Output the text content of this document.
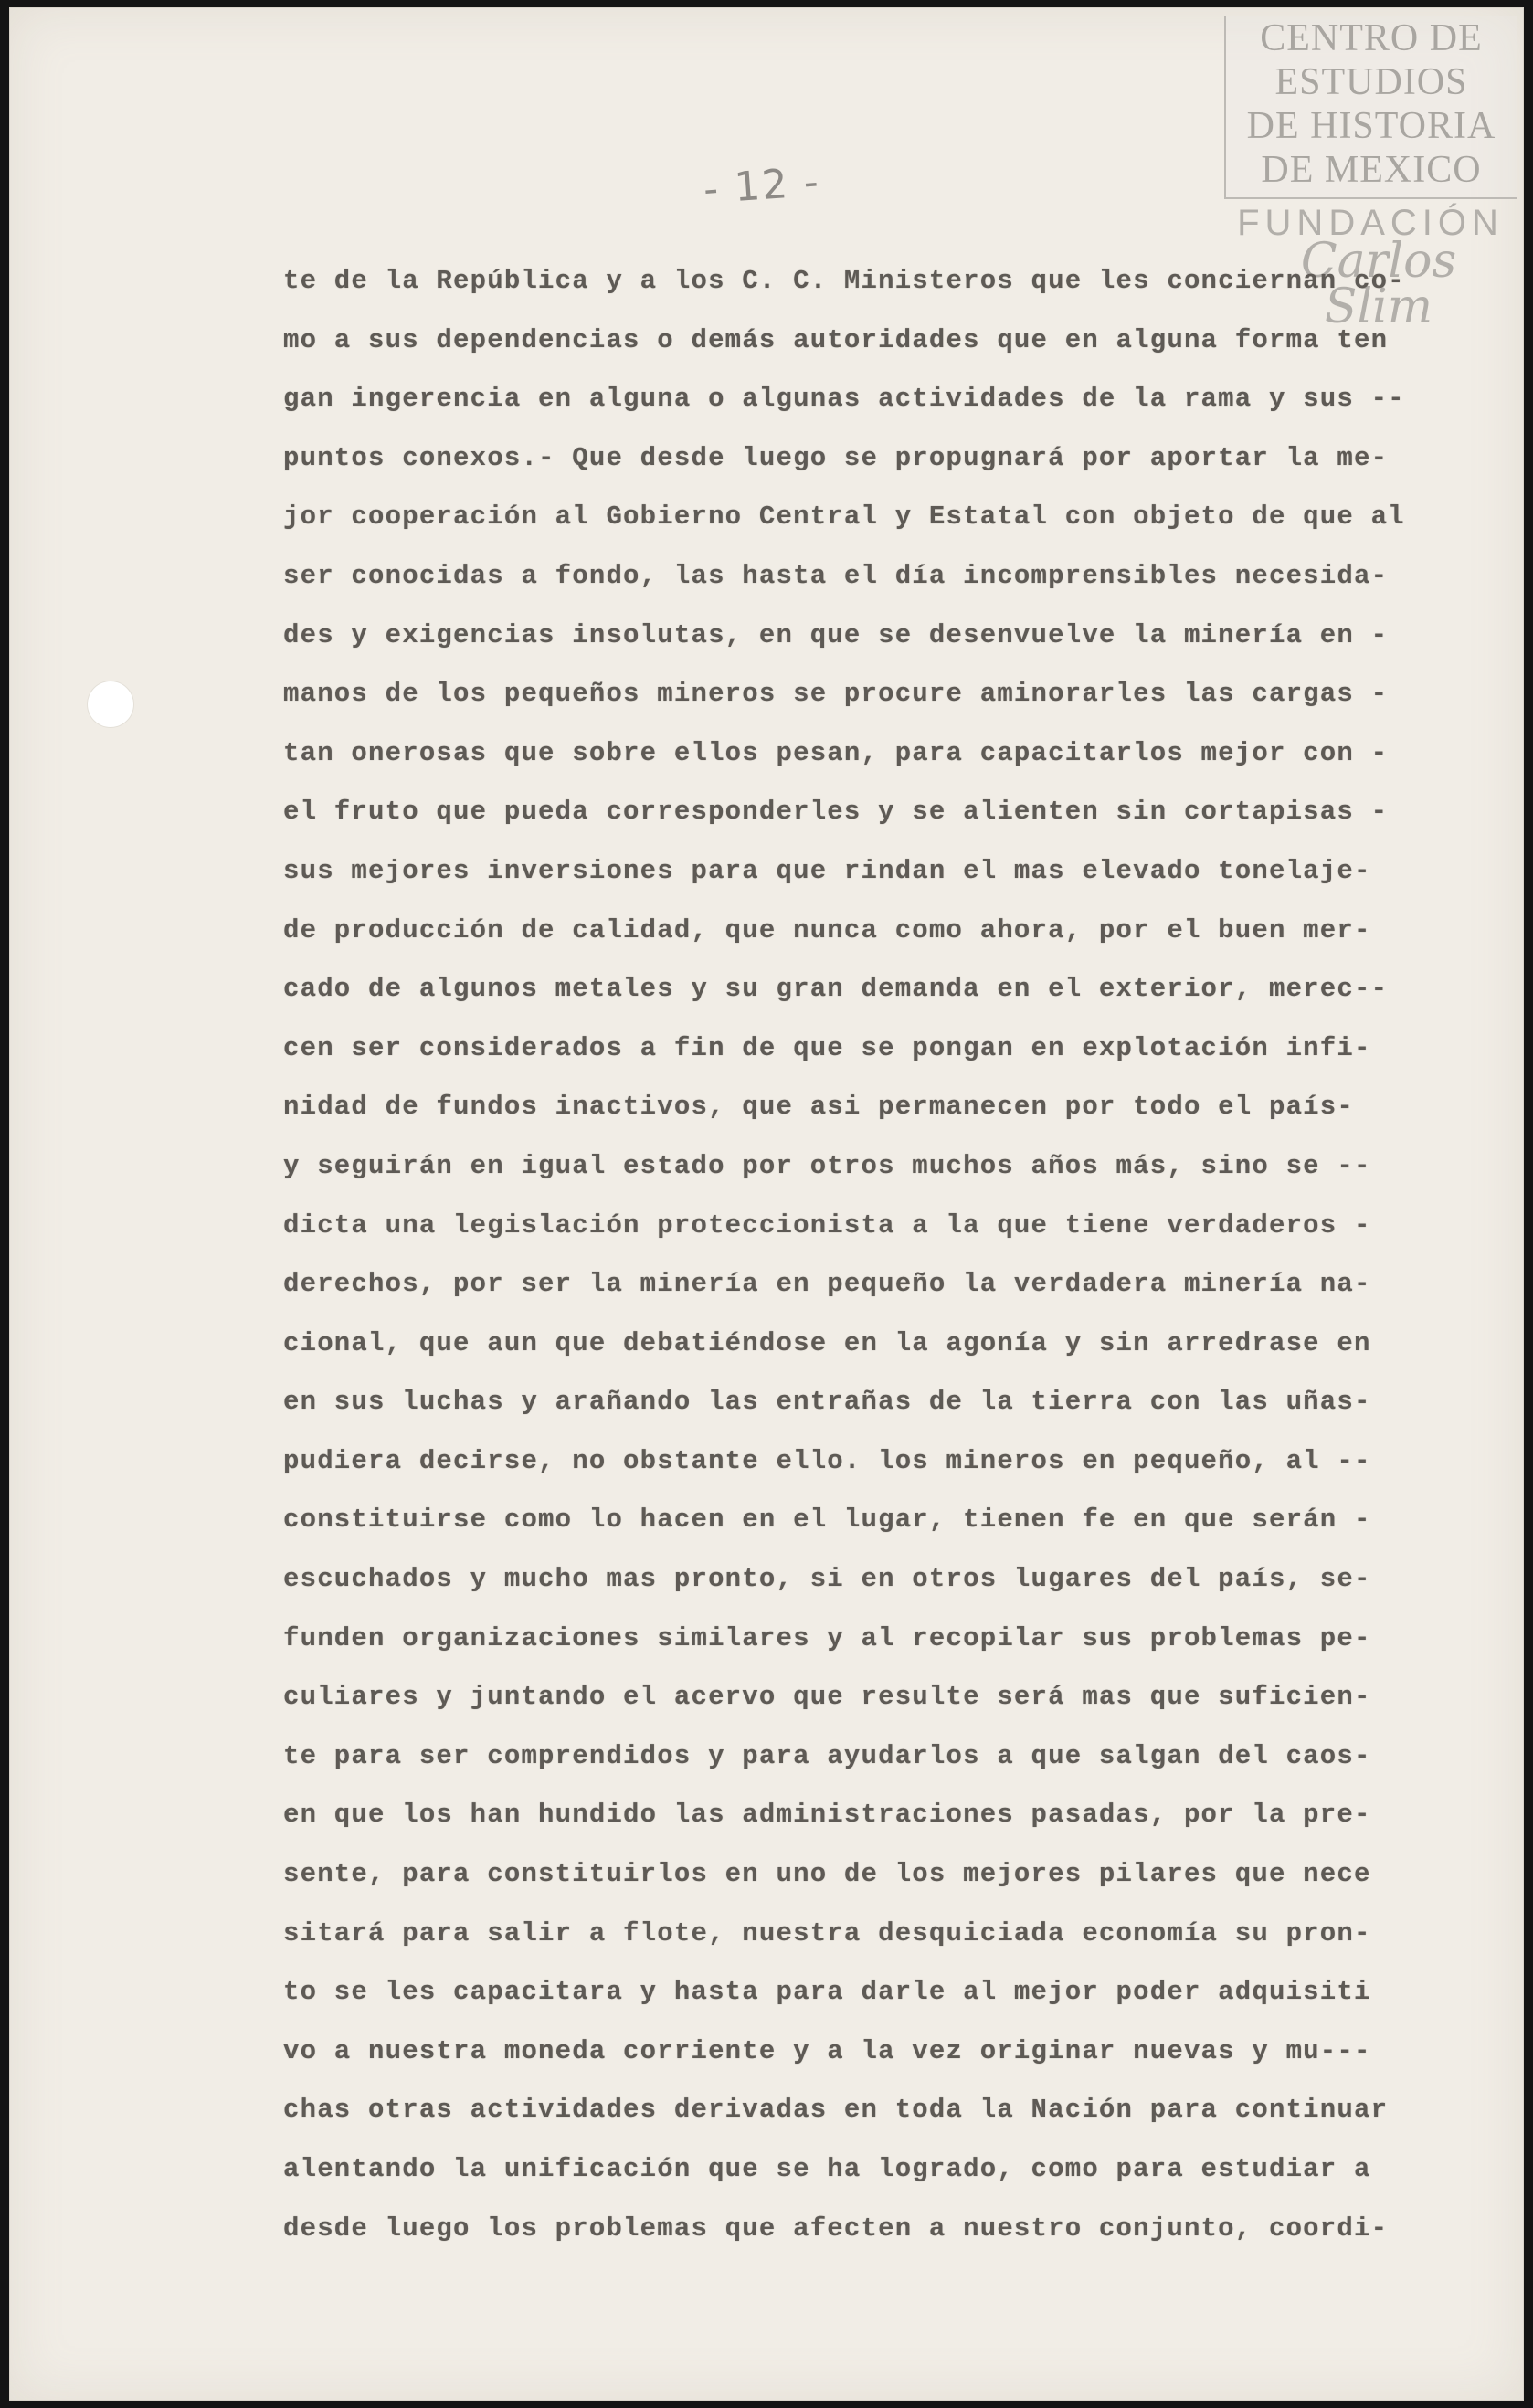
CENTRO DE
ESTUDIOS
DE HISTORIA
DE MEXICO
FUNDACIÓN
Carlos Slim
- 12 -
te de la República y a los C. C. Ministeros que les conciernan co-
mo a sus dependencias o demás autoridades que en alguna forma ten
gan ingerencia en alguna o algunas actividades de la rama y sus --
puntos conexos.- Que desde luego se propugnará por aportar la me-
jor cooperación al Gobierno Central y Estatal con objeto de que al
ser conocidas a fondo, las hasta el día incomprensibles necesida-
des y exigencias insolutas, en que se desenvuelve la minería en -
manos de los pequeños mineros se procure aminorarles las cargas -
tan onerosas que sobre ellos pesan, para capacitarlos mejor con -
el fruto que pueda corresponderles y se alienten sin cortapisas -
sus mejores inversiones para que rindan el mas elevado tonelaje-
de producción de calidad, que nunca como ahora, por el buen mer-
cado de algunos metales y su gran demanda en el exterior, merec--
cen ser considerados a fin de que se pongan en explotación infi-
nidad de fundos inactivos, que asi permanecen por todo el país-
y seguirán en igual estado por otros muchos años más, sino se --
dicta una legislación proteccionista a la que tiene verdaderos -
derechos, por ser la minería en pequeño la verdadera minería na-
cional, que aun que debatiéndose en la agonía y sin arredrase en
en sus luchas y arañando las entrañas de la tierra con las uñas-
pudiera decirse, no obstante ello. los mineros en pequeño, al --
constituirse como lo hacen en el lugar, tienen fe en que serán -
escuchados y mucho mas pronto, si en otros lugares del país, se-
funden organizaciones similares y al recopilar sus problemas pe-
culiares y juntando el acervo que resulte será mas que suficien-
te para ser comprendidos y para ayudarlos a que salgan del caos-
en que los han hundido las administraciones pasadas, por la pre-
sente, para constituirlos en uno de los mejores pilares que nece
sitará para salir a flote, nuestra desquiciada economía su pron-
to se les capacitara y hasta para darle al mejor poder adquisiti
vo a nuestra moneda corriente y a la vez originar nuevas y mu---
chas otras actividades derivadas en toda la Nación para continuar
alentando la unificación que se ha logrado, como para estudiar a
desde luego los problemas que afecten a nuestro conjunto, coordi-
